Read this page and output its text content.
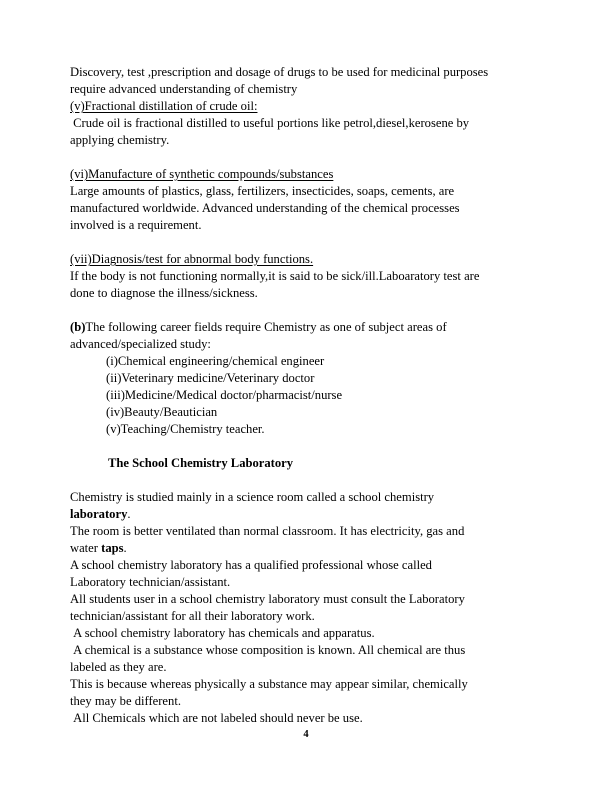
Discovery, test ,prescription and dosage of drugs to be used for medicinal purposes
require advanced understanding of chemistry
(v)Fractional distillation of crude oil:
Crude oil is fractional distilled to useful portions like petrol,diesel,kerosene by
applying chemistry.

(vi)Manufacture of synthetic compounds/substances
Large amounts of plastics, glass, fertilizers, insecticides, soaps, cements, are
manufactured worldwide. Advanced understanding of the chemical processes
involved is a requirement.

(vii)Diagnosis/test for abnormal body functions.
If the body is not functioning normally,it is said to be sick/ill.Laboaratory test are
done to diagnose the illness/sickness.

(b)The following career fields require Chemistry as one of subject areas of
advanced/specialized study:
(i)Chemical engineering/chemical engineer
(ii)Veterinary medicine/Veterinary doctor
(iii)Medicine/Medical doctor/pharmacist/nurse
(iv)Beauty/Beautician
(v)Teaching/Chemistry teacher.

The School Chemistry Laboratory

Chemistry is studied mainly in a science room called a school chemistry
laboratory.
The room is better ventilated than normal classroom. It has electricity, gas and
water taps.
A school chemistry laboratory has a qualified professional whose called
Laboratory technician/assistant.
All students user in a school chemistry laboratory must consult the Laboratory
technician/assistant for all their laboratory work.
A school chemistry laboratory has chemicals and apparatus.
A chemical is a substance whose composition is known. All chemical are thus
labeled as they are.
This is because whereas physically a substance may appear similar, chemically
they may be different.
All Chemicals which are not labeled should never be use.
4
